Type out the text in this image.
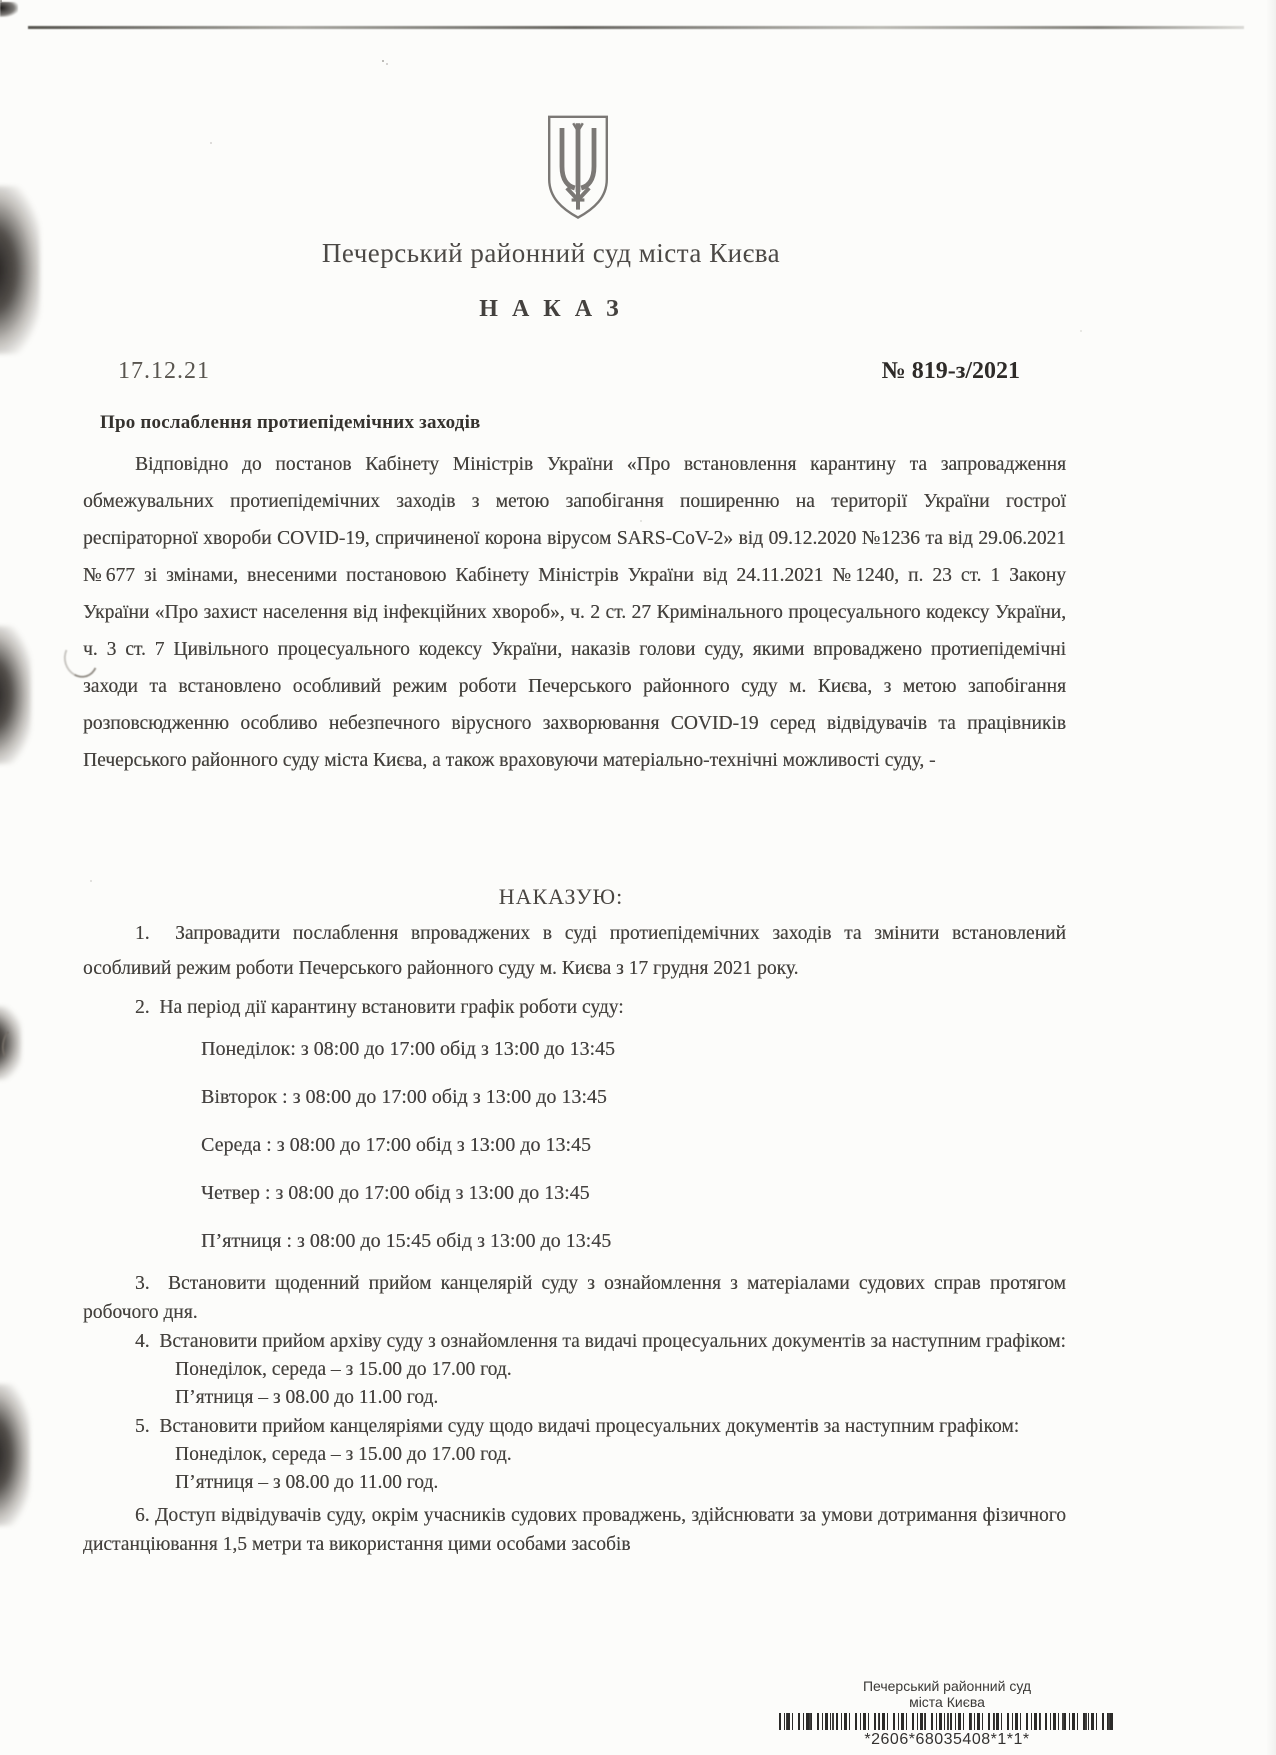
Печерський районний суд міста Києва
Н А К А З
17.12.21	№ 819-з/2021
Про послаблення протиепідемічних заходів
Відповідно до постанов Кабінету Міністрів України «Про встановлення карантину та запровадження обмежувальних протиепідемічних заходів з метою запобігання поширенню на території України гострої респіраторної хвороби COVID-19, спричиненої корона вірусом SARS-CoV-2» від 09.12.2020 №1236 та від 29.06.2021 №677 зі змінами, внесеними постановою Кабінету Міністрів України від 24.11.2021 №1240, п. 23 ст. 1 Закону України «Про захист населення від інфекційних хвороб», ч. 2 ст. 27 Кримінального процесуального кодексу України, ч. 3 ст. 7 Цивільного процесуального кодексу України, наказів голови суду, якими впроваджено протиепідемічні заходи та встановлено особливий режим роботи Печерського районного суду м. Києва, з метою запобігання розповсюдженню особливо небезпечного вірусного захворювання COVID-19 серед відвідувачів та працівників Печерського районного суду міста Києва, а також враховуючи матеріально-технічні можливості суду, -
НАКАЗУЮ:

1.  Запровадити послаблення впроваджених в суді протиепідемічних заходів та змінити встановлений особливий режим роботи Печерського районного суду м. Києва з 17 грудня 2021 року.

2.  На період дії карантину встановити графік роботи суду:

Понеділок: з 08:00 до 17:00 обід з 13:00 до 13:45

Вівторок : з 08:00 до 17:00 обід з 13:00 до 13:45

Середа : з 08:00 до 17:00 обід з 13:00 до 13:45

Четвер : з 08:00 до 17:00 обід з 13:00 до 13:45

П’ятниця : з 08:00 до 15:45 обід з 13:00 до 13:45

3.  Встановити щоденний прийом канцелярій суду з ознайомлення з матеріалами судових справ протягом робочого дня.

4.  Встановити прийом архіву суду з ознайомлення та видачі процесуальних документів за наступним графіком:

Понеділок, середа – з 15.00 до 17.00 год.

П’ятниця – з 08.00 до 11.00 год.

5.  Встановити прийом канцеляріями суду щодо видачі процесуальних документів за наступним графіком:

Понеділок, середа – з 15.00 до 17.00 год.

П’ятниця – з 08.00 до 11.00 год.

6. Доступ відвідувачів суду, окрім учасників судових проваджень, здійснювати за умови дотримання фізичного дистанціювання 1,5 метри та використання цими особами засобів

Печерський районний суд
міста Києва
*2606*68035408*1*1*
